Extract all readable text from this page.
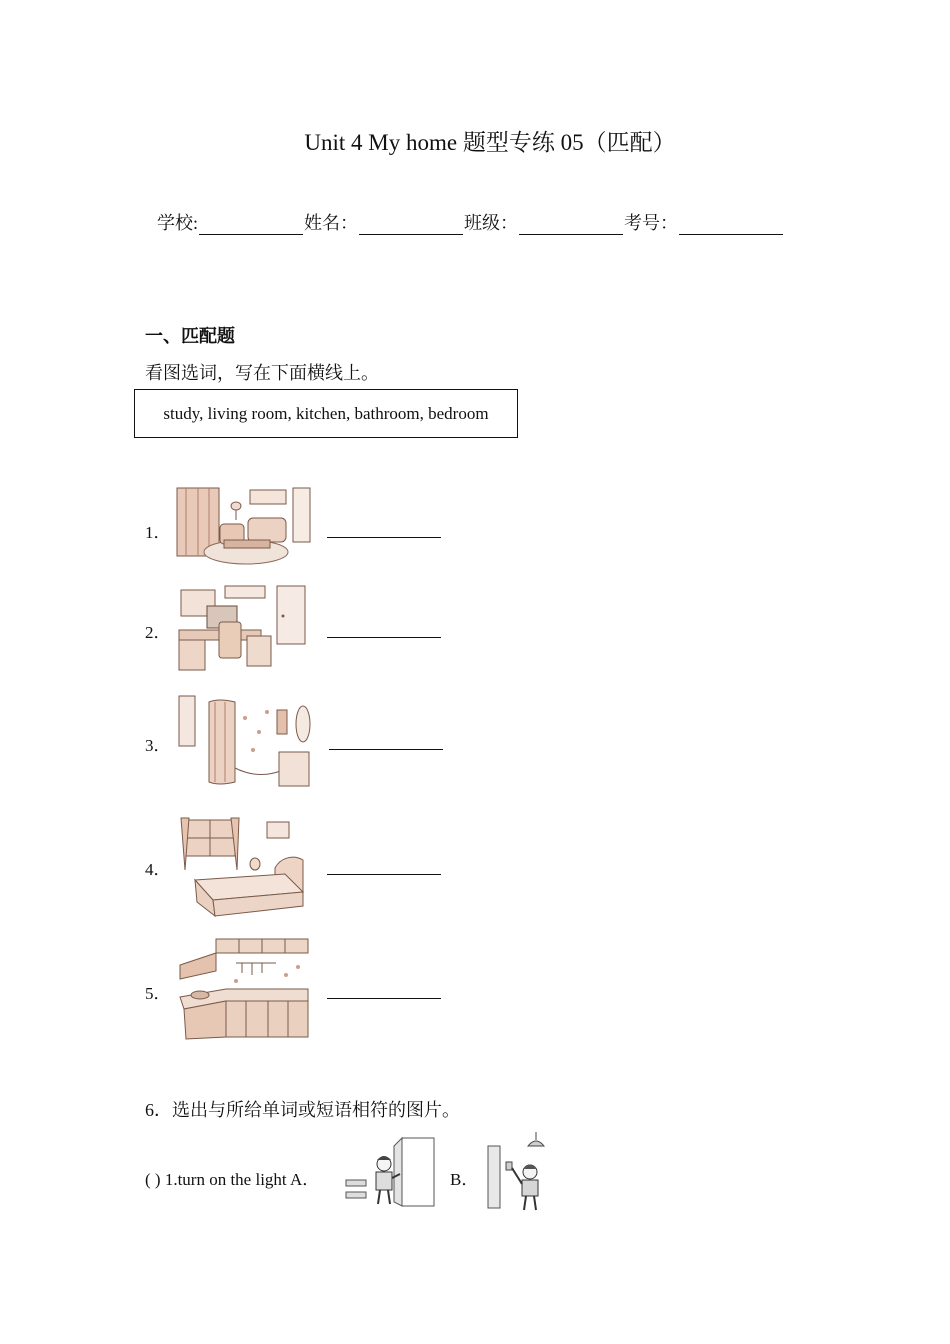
Unit 4 My home 题型专练 05（匹配）
学校:	姓名：	班级：	考号：
一、匹配题
看图选词，写在下面横线上。
study, living room, kitchen, bathroom, bedroom
1．
2．
3．
4．
5．
6．选出与所给单词或短语相符的图片。
( ) 1.turn on the light A．	B．
